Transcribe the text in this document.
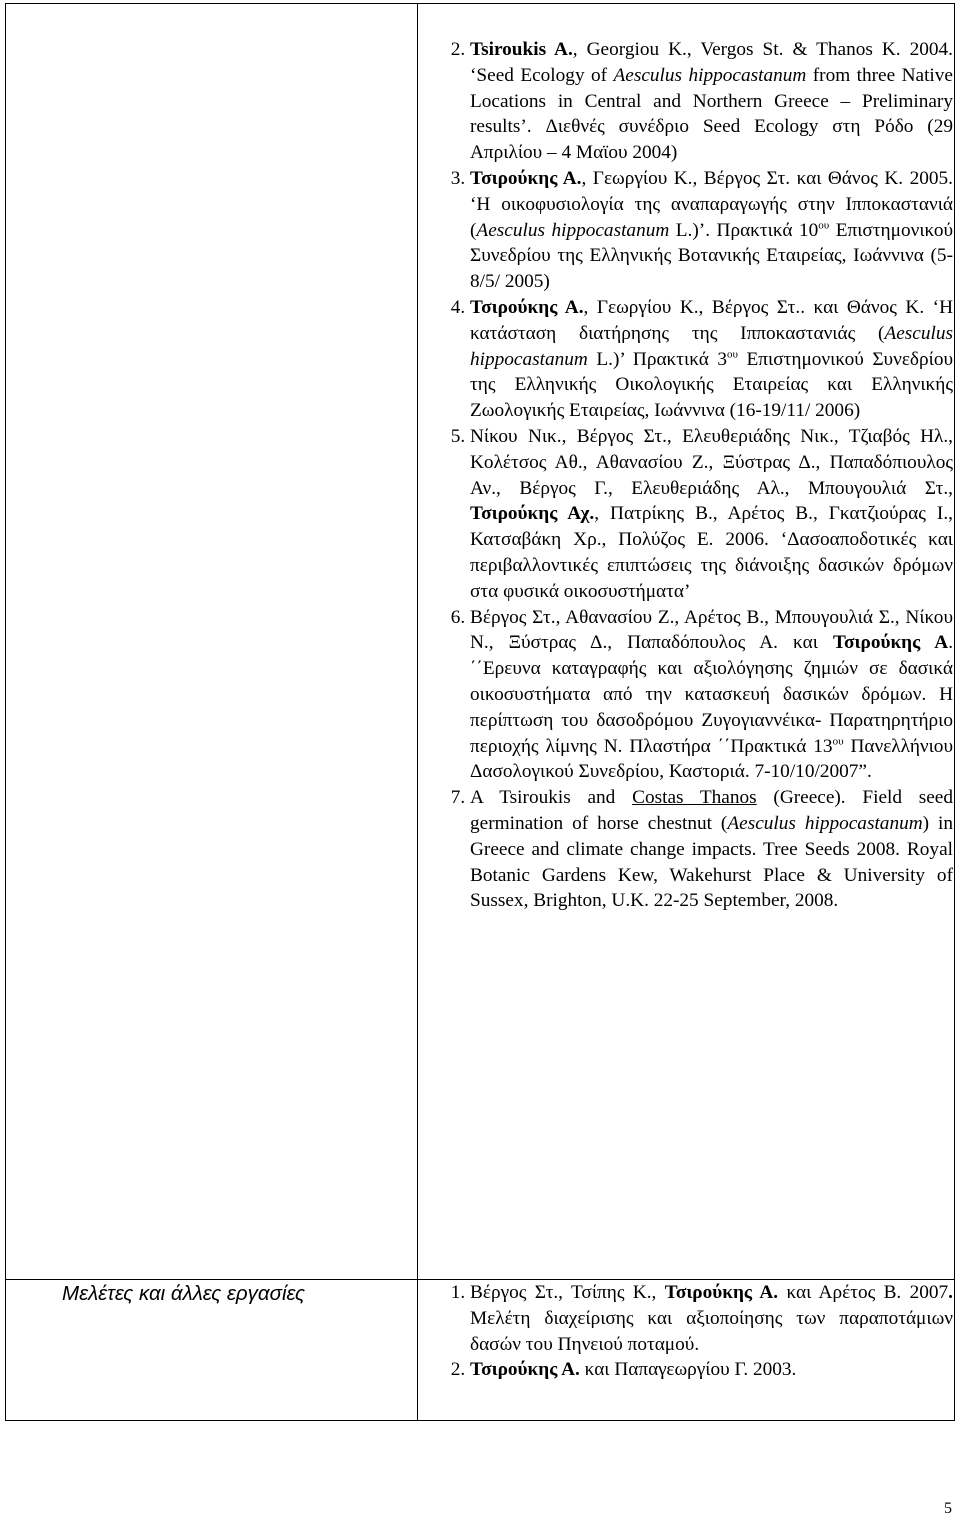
2. Tsiroukis A., Georgiou K., Vergos St. & Thanos K. 2004. ‘Seed Ecology of Aesculus hippocastanum from three Native Locations in Central and Northern Greece – Preliminary results’. Διεθνές συνέδριο Seed Ecology στη Ρόδο (29 Απριλίου – 4 Μαϊου 2004)
3. Τσιρούκης Α., Γεωργίου Κ., Βέργος Στ. και Θάνος Κ. 2005. ‘Η οικοφυσιολογία της αναπαραγωγής στην Ιπποκαστανιά (Aesculus hippocastanum L.)’. Πρακτικά $10^{o\upsilon}$ Επιστημονικού Συνεδρίου της Ελληνικής Βοτανικής Εταιρείας, Ιωάννινα (5-8/5/ 2005)
4. Τσιρούκης Α., Γεωργίου Κ., Βέργος Στ.. και Θάνος Κ. ‘Η κατάσταση διατήρησης της Ιπποκαστανιάς (Aesculus hippocastanum L.)’ Πρακτικά $3^{o\upsilon}$ Επιστημονικού Συνεδρίου της Ελληνικής Οικολογικής Εταιρείας και Ελληνικής Ζωολογικής Εταιρείας, Ιωάννινα (16-19/11/ 2006)
5. Νίκου Νικ., Βέργος Στ., Ελευθεριάδης Νικ., Τζιαβός Ηλ., Κολέτσος Αθ., Αθανασίου Ζ., Ξύστρας Δ., Παπαδόπιουλος Αν., Βέργος Γ., Ελευθεριάδης Αλ., Μπουγουλιά Στ., Τσιρούκης Αχ., Πατρίκης Β., Αρέτος Β., Γκατζιούρας Ι., Κατσαβάκη Χρ., Πολύζος Ε. 2006. ‘Δασοαποδοτικές και περιβαλλοντικές επιπτώσεις της διάνοιξης δασικών δρόμων στα φυσικά οικοσυστήματα’
6. Βέργος Στ., Αθανασίου Ζ., Αρέτος Β., Μπουγουλιά Σ., Νίκου Ν., Ξύστρας Δ., Παπαδόπουλος Α. και Τσιρούκης Α. ΄΄Ερευνα καταγραφής και αξιολόγησης ζημιών σε δασικά οικοσυστήματα από την κατασκευή δασικών δρόμων. Η περίπτωση του δασοδρόμου Ζυγογιαννέικα- Παρατηρητήριο περιοχής λίμνης Ν. Πλαστήρα ΄΄Πρακτικά $13^{o\upsilon}$ Πανελλήνιου Δασολογικού Συνεδρίου, Καστοριά. 7-10/10/2007”.
7. A Tsiroukis and Costas Thanos (Greece). Field seed germination of horse chestnut (Aesculus hippocastanum) in Greece and climate change impacts. Tree Seeds 2008. Royal Botanic Gardens Kew, Wakehurst Place & University of Sussex, Brighton, U.K. 22-25 September, 2008.
Μελέτες και άλλες εργασίες
1.	Βέργος Στ., Τσίπης Κ., Τσιρούκης Α. και Αρέτος Β. 2007. Μελέτη διαχείρισης και αξιοποίησης των παραποτάμιων δασών του Πηνειού ποταμού.
2. Τσιρούκης Α. και Παπαγεωργίου Γ. 2003.
5
